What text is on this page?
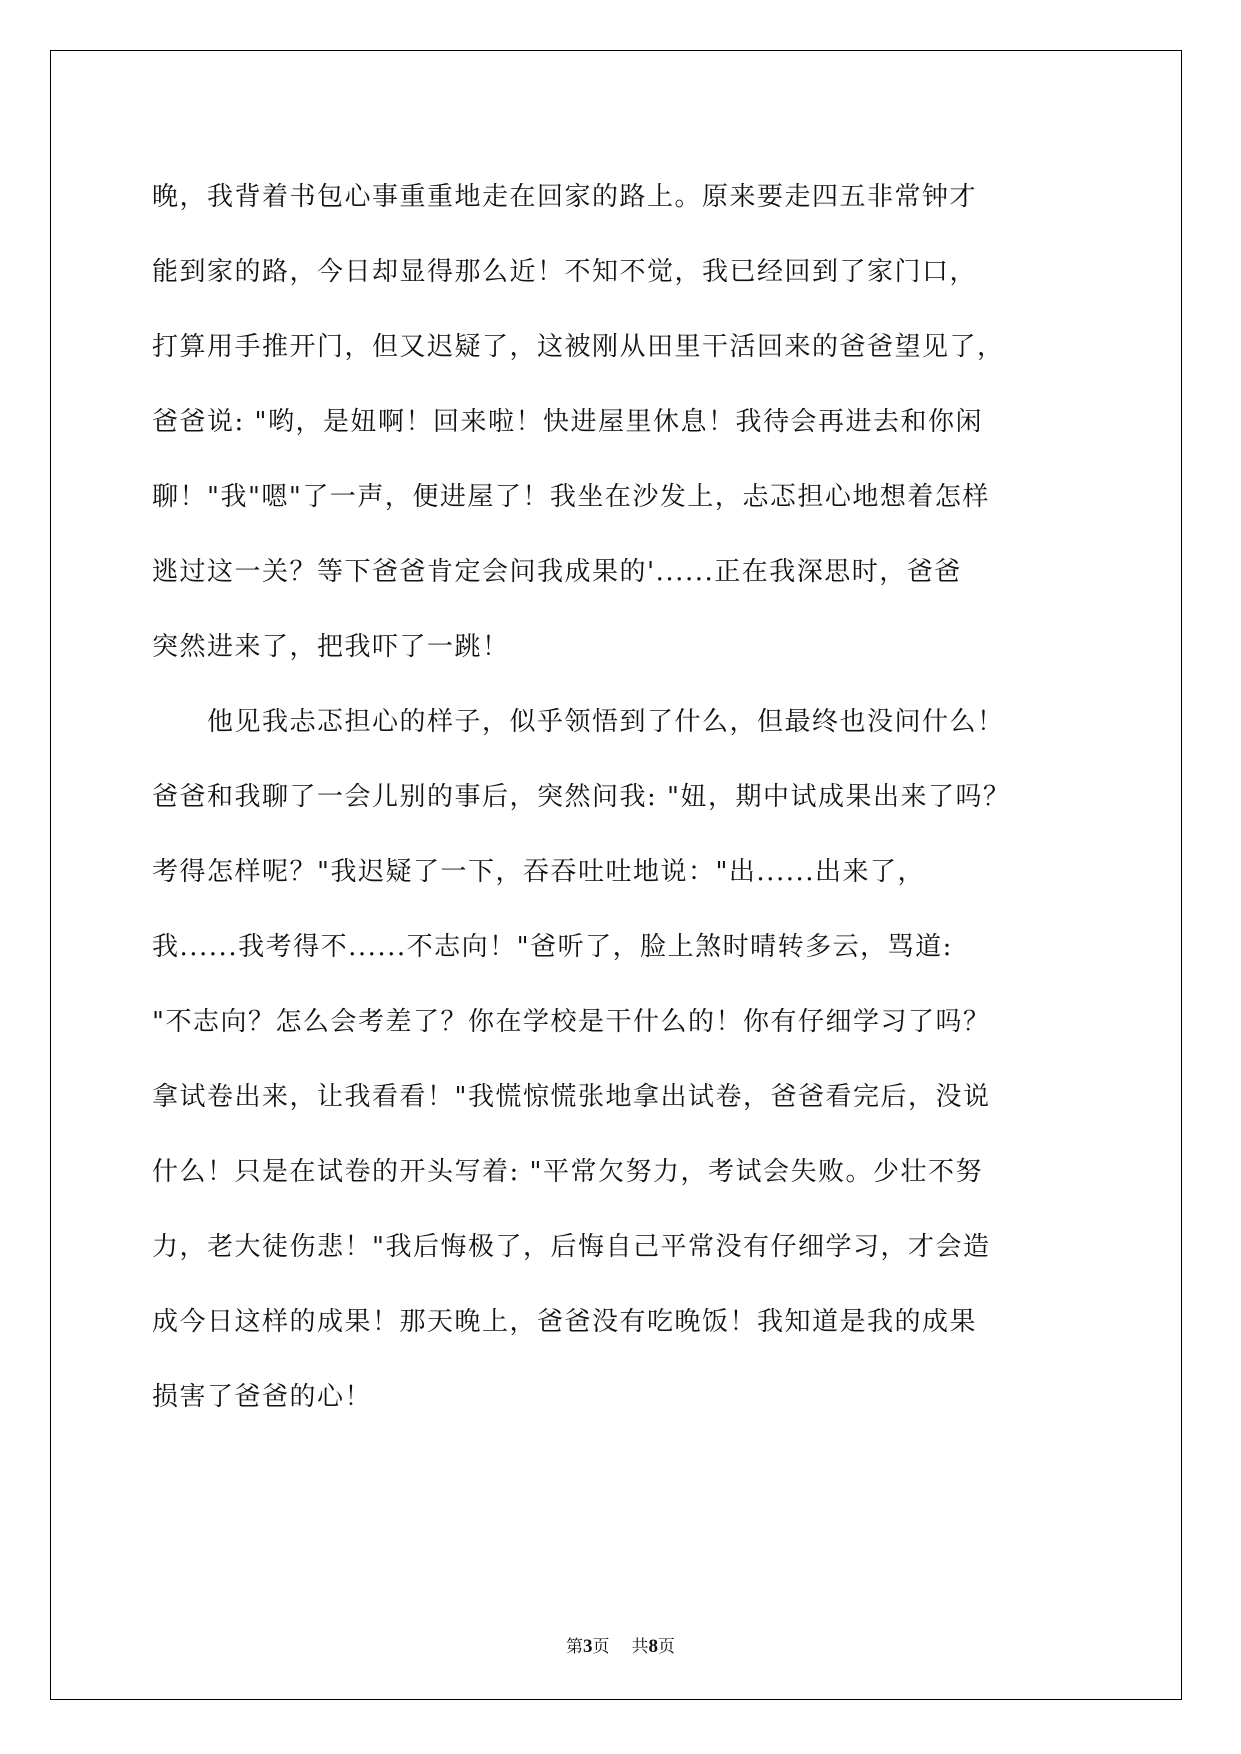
晚，我背着书包心事重重地走在回家的路上。原来要走四五非常钟才
能到家的路，今日却显得那么近！不知不觉，我已经回到了家门口，
打算用手推开门，但又迟疑了，这被刚从田里干活回来的爸爸望见了，
爸爸说: "哟，是妞啊！回来啦！快进屋里休息！我待会再进去和你闲
聊！"我"嗯"了一声，便进屋了！我坐在沙发上，忐忑担心地想着怎样
逃过这一关？等下爸爸肯定会问我成果的'......正在我深思时，爸爸
突然进来了，把我吓了一跳！
　　他见我忐忑担心的样子，似乎领悟到了什么，但最终也没问什么！
爸爸和我聊了一会儿别的事后，突然问我: "妞，期中试成果出来了吗？
考得怎样呢？"我迟疑了一下，吞吞吐吐地说："出......出来了，
我......我考得不......不志向！"爸听了，脸上煞时晴转多云，骂道:
"不志向？怎么会考差了？你在学校是干什么的！你有仔细学习了吗？
拿试卷出来，让我看看！"我慌惊慌张地拿出试卷，爸爸看完后，没说
什么！只是在试卷的开头写着: "平常欠努力，考试会失败。少壮不努
力，老大徒伤悲！"我后悔极了，后悔自己平常没有仔细学习，才会造
成今日这样的成果！那天晚上，爸爸没有吃晚饭！我知道是我的成果
损害了爸爸的心！
第3页 共8页
